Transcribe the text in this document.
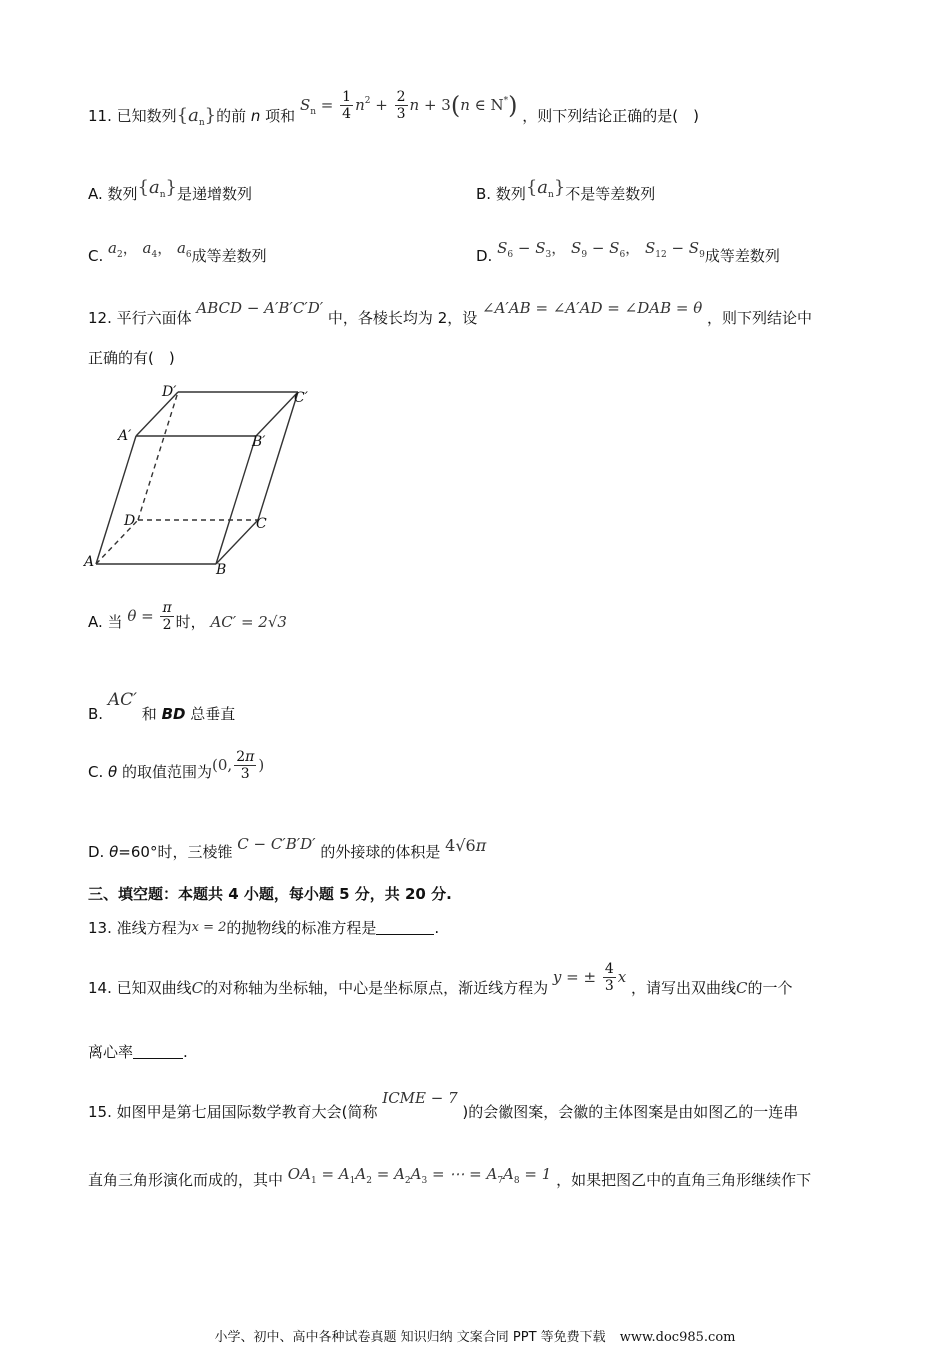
11. 已知数列$\{a_n\}$的前 n 项和 $S_n = \frac{1}{4} n^2 + \frac{2}{3}$ n + 3(n ∈ N*) ，则下列结论正确的是(　)
A. 数列$\{a_n\}$是递增数列	B. 数列$\{a_n\}$不是等差数列
C. $a_2$， $a_4$， $a_6$成等差数列	D. $S_6 - S_3$， $S_9 - S_6$， $S_{12} - S_9$成等差数列
12. 平行六面体 ABCD − A′B′C′D′ 中，各棱长均为 2，设 ∠A′AB = ∠A′AD = ∠DAB = θ ，则下列结论中
正确的有(　)
D′	C′
A′	B′
D	C
A	B
A. 当 $\theta = \frac{\pi}{2}$ 时， AC′ = 2√3
B. AC′ 和 BD 总垂直
C. θ 的取值范围为(0, $\frac{2\pi}{3}$ )
D. θ=60°时，三棱锥 C − C′B′D′ 的外接球的体积是 4√6π
三、填空题：本题共 4 小题，每小题 5 分，共 20 分.
13. 准线方程为x = 2的抛物线的标准方程是	.
14. 已知双曲线C的对称轴为坐标轴，中心是坐标原点，渐近线方程为 y = ± $\frac{4}{3}$ x ，请写出双曲线C的一个
离心率	.
15. 如图甲是第七届国际数学教育大会(简称 ICME − 7 )的会徽图案，会徽的主体图案是由如图乙的一连串
直角三角形演化而成的，其中 $OA_1 = A_1A_2 = A_2A_3$ = ⋯ = $A_7A_8 = 1$ ，如果把图乙中的直角三角形继续作下
小学、初中、高中各种试卷真题 知识归纳 文案合同 PPT 等免费下载 www.doc985.com
